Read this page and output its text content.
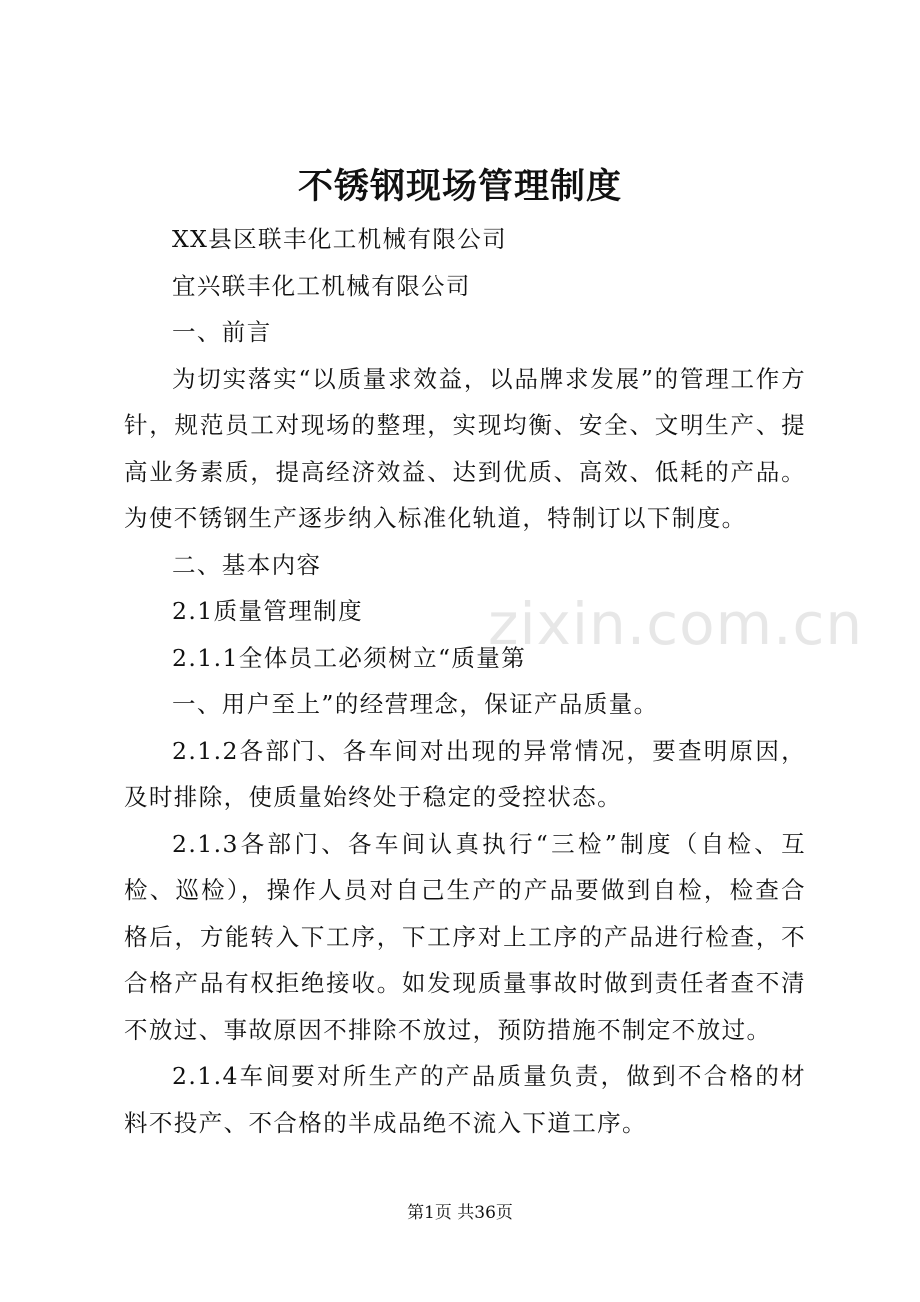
不锈钢现场管理制度
zixin.com.cn

XX县区联丰化工机械有限公司

宜兴联丰化工机械有限公司

一、前言

为切实落实“以质量求效益，以品牌求发展”的管理工作方针，规范员工对现场的整理，实现均衡、安全、文明生产、提高业务素质，提高经济效益、达到优质、高效、低耗的产品。为使不锈钢生产逐步纳入标准化轨道，特制订以下制度。

二、基本内容

2.1质量管理制度

2.1.1全体员工必须树立“质量第

一、用户至上”的经营理念，保证产品质量。

2.1.2各部门、各车间对出现的异常情况，要查明原因，及时排除，使质量始终处于稳定的受控状态。

2.1.3各部门、各车间认真执行“三检”制度（自检、互检、巡检），操作人员对自己生产的产品要做到自检，检查合格后，方能转入下工序，下工序对上工序的产品进行检查，不合格产品有权拒绝接收。如发现质量事故时做到责任者查不清不放过、事故原因不排除不放过，预防措施不制定不放过。

2.1.4车间要对所生产的产品质量负责，做到不合格的材料不投产、不合格的半成品绝不流入下道工序。

第1页 共36页
